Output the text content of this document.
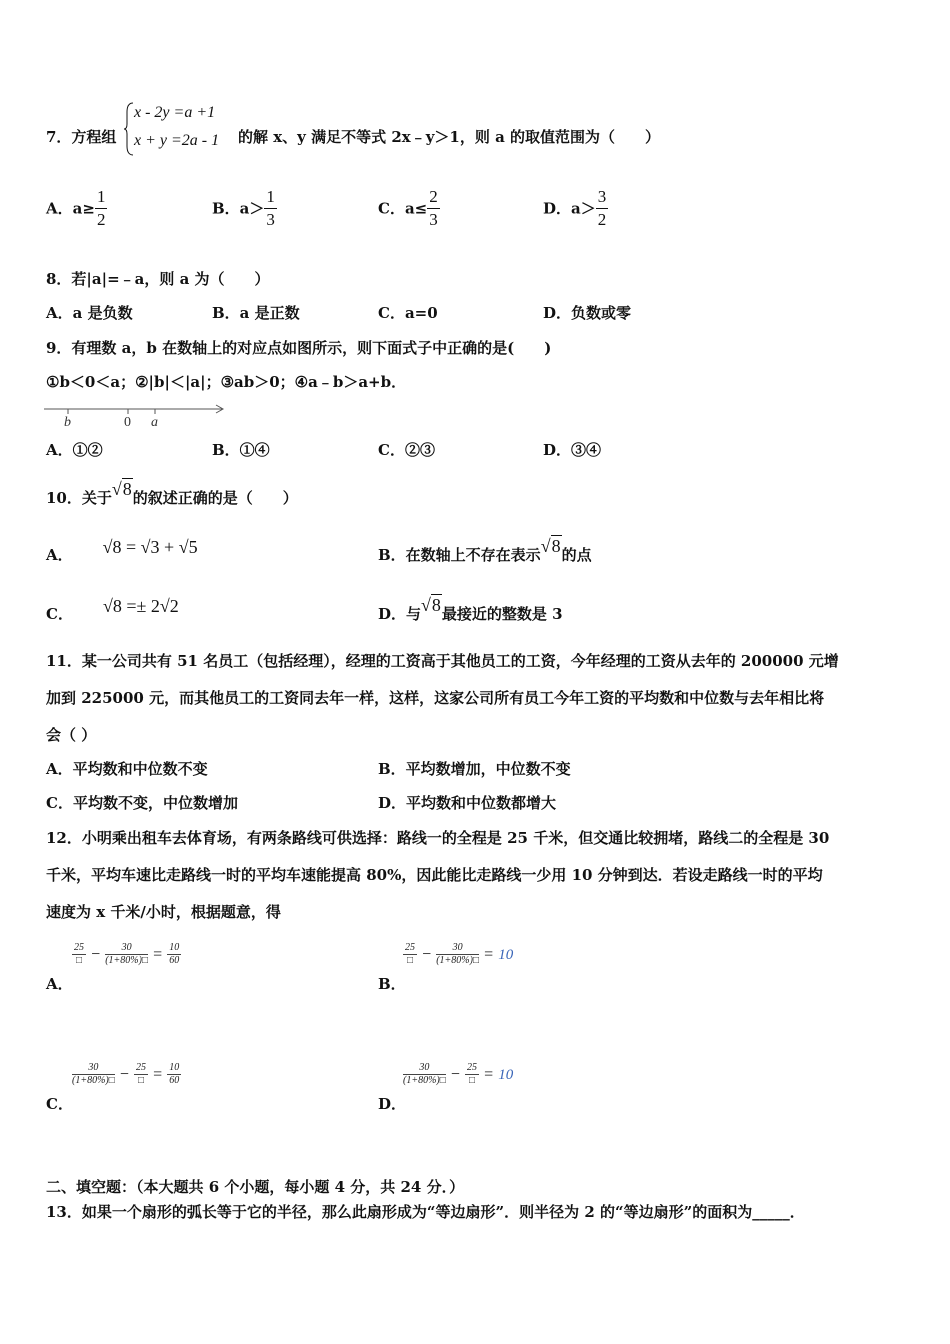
7．方程组
x - 2y =a +1
x + y =2a - 1 的解 x、y 满足不等式 2x﹣y＞1，则 a 的取值范围为（　　）
A．$a\ge \frac{1}{2}$	B．$a> \frac{1}{3}$	C．$a\le \frac{2}{3}$	D．$a> \frac{3}{2}$
8．若|a|=﹣a，则 a 为（　　）
A．a 是负数	B．a 是正数	C．a=0	D．负数或零
9．有理数 a，b 在数轴上的对应点如图所示，则下面式子中正确的是(　　)
①b＜0＜a；②|b|＜|a|；③ab＞0；④a﹣b＞a+b．
b	0 a
A．①②	B．①④	C．②③	D．③④
10．关于√8的叙述正确的是（　　）
A． √8 = √3 + √5	B．在数轴上不存在表示√8的点
C． √8 =± 2√2	D．与√8最接近的整数是 3
11．某一公司共有 51 名员工（包括经理），经理的工资高于其他员工的工资，今年经理的工资从去年的 200000 元增
加到 225000 元，而其他员工的工资同去年一样，这样，这家公司所有员工今年工资的平均数和中位数与去年相比将
会（ ）
A．平均数和中位数不变	B．平均数增加，中位数不变
C．平均数不变，中位数增加	D．平均数和中位数都增大
12．小明乘出租车去体育场，有两条路线可供选择：路线一的全程是 25 千米，但交通比较拥堵，路线二的全程是 30
千米，平均车速比走路线一时的平均车速能提高 80%，因此能比走路线一少用 10 分钟到达．若设走路线一时的平均
速度为 x 千米/小时，根据题意，得
$\frac{25}{□} - \frac{30}{(1+80\%)□} = \frac{10}{60}$
A．
$\frac{25}{□} - \frac{30}{(1+80\%)□} = 10$
B．
$\frac{30}{(1+80\%)□} - \frac{25}{□} = \frac{10}{60}$
C．
$\frac{30}{(1+80\%)□} - \frac{25}{□} = 10$
D．
二、填空题：（本大题共 6 个小题，每小题 4 分，共 24 分．）
13．如果一个扇形的弧长等于它的半径，那么此扇形成为“等边扇形”．则半径为 2 的“等边扇形”的面积为_____．
